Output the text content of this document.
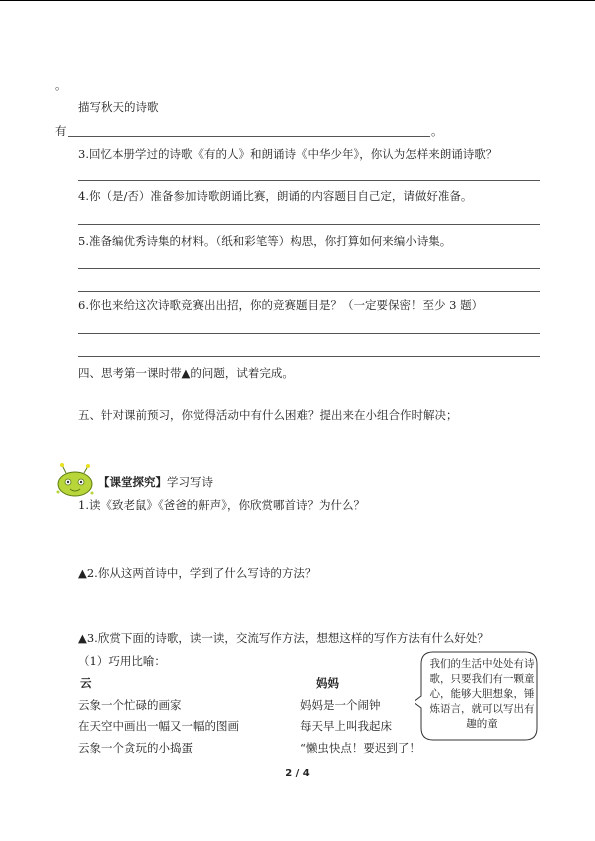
。
描写秋天的诗歌
有	。
3.回忆本册学过的诗歌《有的人》和朗诵诗《中华少年》，你认为怎样来朗诵诗歌？
4.你（是/否）准备参加诗歌朗诵比赛，朗诵的内容题目自己定，请做好准备。
5.准备编优秀诗集的材料。（纸和彩笔等）构思，你打算如何来编小诗集。
6.你也来给这次诗歌竞赛出出招，你的竞赛题目是？（一定要保密！至少 3 题）
四、思考第一课时带▲的问题，试着完成。
五、针对课前预习，你觉得活动中有什么困难？提出来在小组合作时解决；
【课堂探究】学习写诗
1.读《致老鼠》《爸爸的鼾声》，你欣赏哪首诗？为什么？
▲2.你从这两首诗中，学到了什么写诗的方法？
▲3.欣赏下面的诗歌，读一读，交流写作方法，想想这样的写作方法有什么好处？
（1）巧用比喻：
云
云象一个忙碌的画家
在天空中画出一幅又一幅的图画
云象一个贪玩的小捣蛋
妈妈
妈妈是一个闹钟
每天早上叫我起床
“懒虫快点！要迟到了！
我们的生活中处处有诗歌，只要我们有一颗童心，能够大胆想象，锤炼语言，就可以写出有趣的童
2 / 4
